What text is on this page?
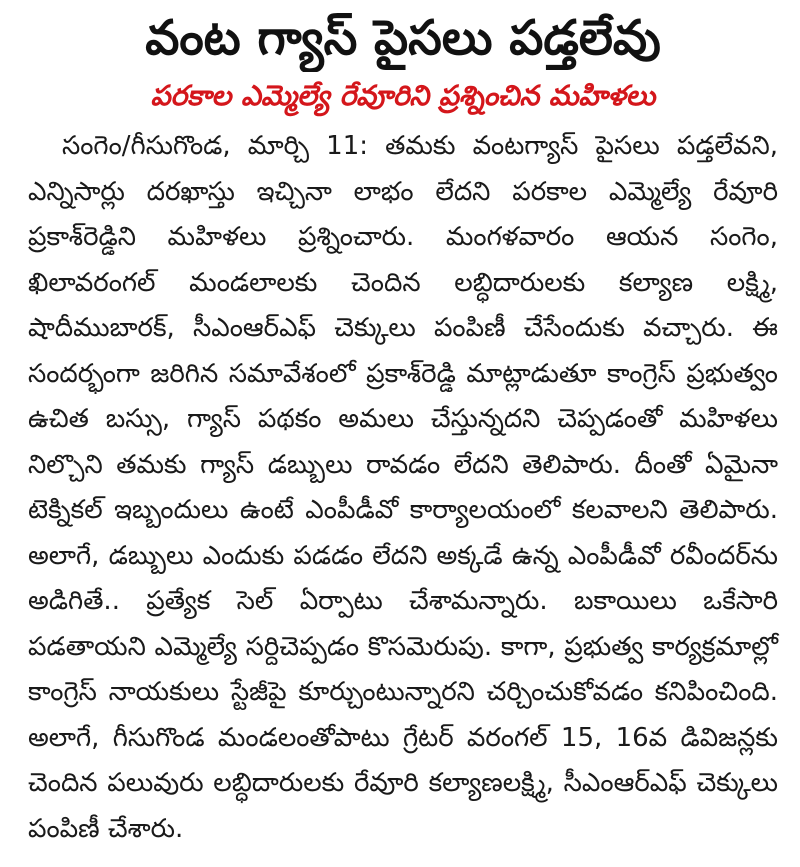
వంట గ్యాస్ పైసలు పడ్తలేవు
పరకాల ఎమ్మెల్యే రేవూరిని ప్రశ్నించిన మహిళలు

సంగెం/గీసుగొండ, మార్చి 11: తమకు వంటగ్యాస్ పైసలు పడ్తలేవని, ఎన్నిసార్లు దరఖాస్తు ఇచ్చినా లాభం లేదని పరకాల ఎమ్మెల్యే రేవూరి ప్రకాశ్‌రెడ్డిని మహిళలు ప్రశ్నించారు. మంగళవారం ఆయన సంగెం, ఖిలావరంగల్ మండలాలకు చెందిన లబ్ధిదారులకు కల్యాణ లక్ష్మి, షాదీముబారక్, సీఎంఆర్ఎఫ్ చెక్కులు పంపిణీ చేసేందుకు వచ్చారు. ఈ సందర్భంగా జరిగిన సమావేశంలో ప్రకాశ్‌రెడ్డి మాట్లాడుతూ కాంగ్రెస్ ప్రభుత్వం ఉచిత బస్సు, గ్యాస్ పథకం అమలు చేస్తున్నదని చెప్పడంతో మహిళలు నిల్చొని తమకు గ్యాస్ డబ్బులు రావడం లేదని తెలిపారు. దీంతో ఏమైనా టెక్నికల్ ఇబ్బందులు ఉంటే ఎంపీడీవో కార్యాలయంలో కలవాలని తెలిపారు. అలాగే, డబ్బులు ఎందుకు పడడం లేదని అక్కడే ఉన్న ఎంపీడీవో రవీందర్‌ను అడిగితే.. ప్రత్యేక సెల్ ఏర్పాటు చేశామన్నారు. బకాయిలు ఒకేసారి పడతాయని ఎమ్మెల్యే సర్దిచెప్పడం కొసమెరుపు. కాగా, ప్రభుత్వ కార్యక్రమాల్లో కాంగ్రెస్ నాయకులు స్టేజీపై కూర్చుంటున్నారని చర్చించుకోవడం కనిపించింది. అలాగే, గీసుగొండ మండలంతోపాటు గ్రేటర్ వరంగల్ 15, 16వ డివిజన్లకు చెందిన పలువురు లబ్ధిదారులకు రేవూరి కల్యాణలక్ష్మి, సీఎంఆర్ఎఫ్ చెక్కులు పంపిణీ చేశారు.
